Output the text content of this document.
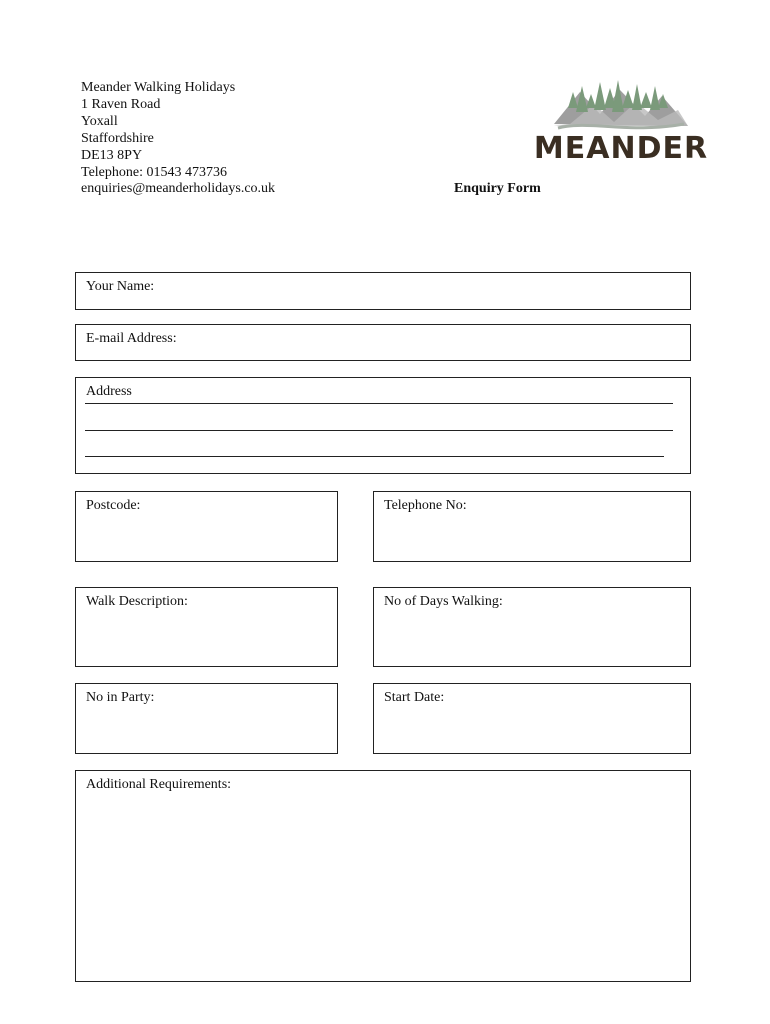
Meander Walking Holidays
1 Raven Road
Yoxall
Staffordshire
DE13 8PY
Telephone: 01543 473736
enquiries@meanderholidays.co.uk
MEANDER
Enquiry Form
Your Name:
E-mail Address:
Address
Postcode:	Telephone No:
Walk Description:	No of Days Walking:
No in Party:	Start Date:
Additional Requirements:
